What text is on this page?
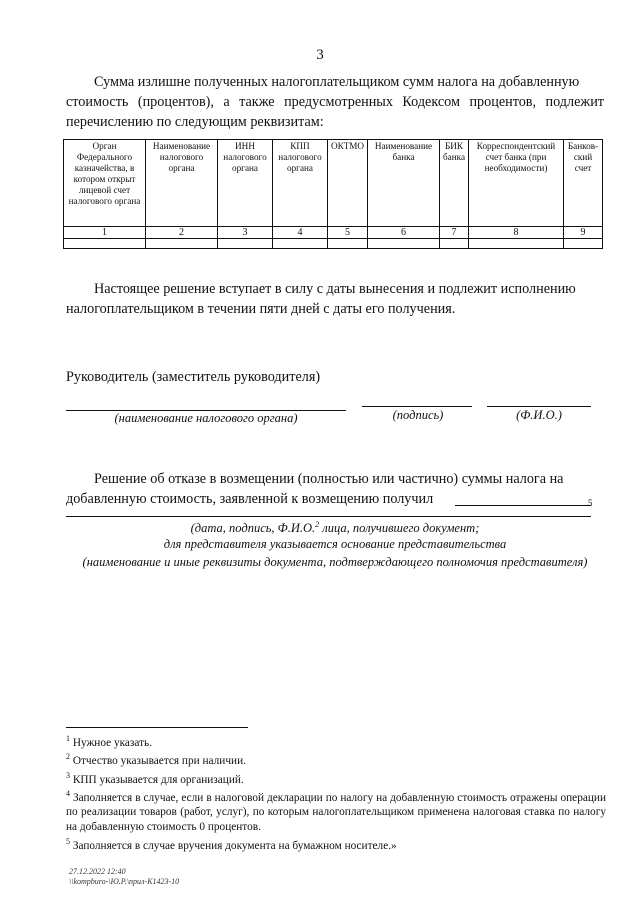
3
Сумма излишне полученных налогоплательщиком сумм налога на добавленную
стоимость (процентов), а также предусмотренных Кодексом процентов, подлежит перечислению по следующим реквизитам:
Орган Федерального казначейства, в котором открыт лицевой счет налогового органа	Наименование налогового органа	ИНН налогового органа	КПП налогового органа	ОКТМО	Наименование банка	БИК банка	Корреспондентский счет банка (при необходимости)	Банков-ский счет
1	2	3	4	5	6	7	8	9

Настоящее решение вступает в силу с даты вынесения и подлежит исполнению
налогоплательщиком в течении пяти дней с даты его получения.
Руководитель (заместитель руководителя)
(наименование налогового органа)	(подпись)	(Ф.И.О.)
Решение об отказе в возмещении (полностью или частично) суммы налога на
добавленную стоимость, заявленной к возмещению получил	5
(дата, подпись, Ф.И.О.$^2$ лица, получившего документ;
для представителя указывается основание представительства
(наименование и иные реквизиты документа, подтверждающего полномочия представителя)
$^1$ Нужное указать.
$^2$ Отчество указывается при наличии.
$^3$ КПП указывается для организаций.
$^4$ Заполняется в случае, если в налоговой декларации по налогу на добавленную стоимость отражены операции по реализации товаров (работ, услуг), по которым налогоплательщиком применена налоговая ставка по налогу на добавленную стоимость 0 процентов.
$^5$ Заполняется в случае вручения документа на бумажном носителе.»
27.12.2022 12:40
\\kompburo-\Ю.Р.\прил-К1423-10
